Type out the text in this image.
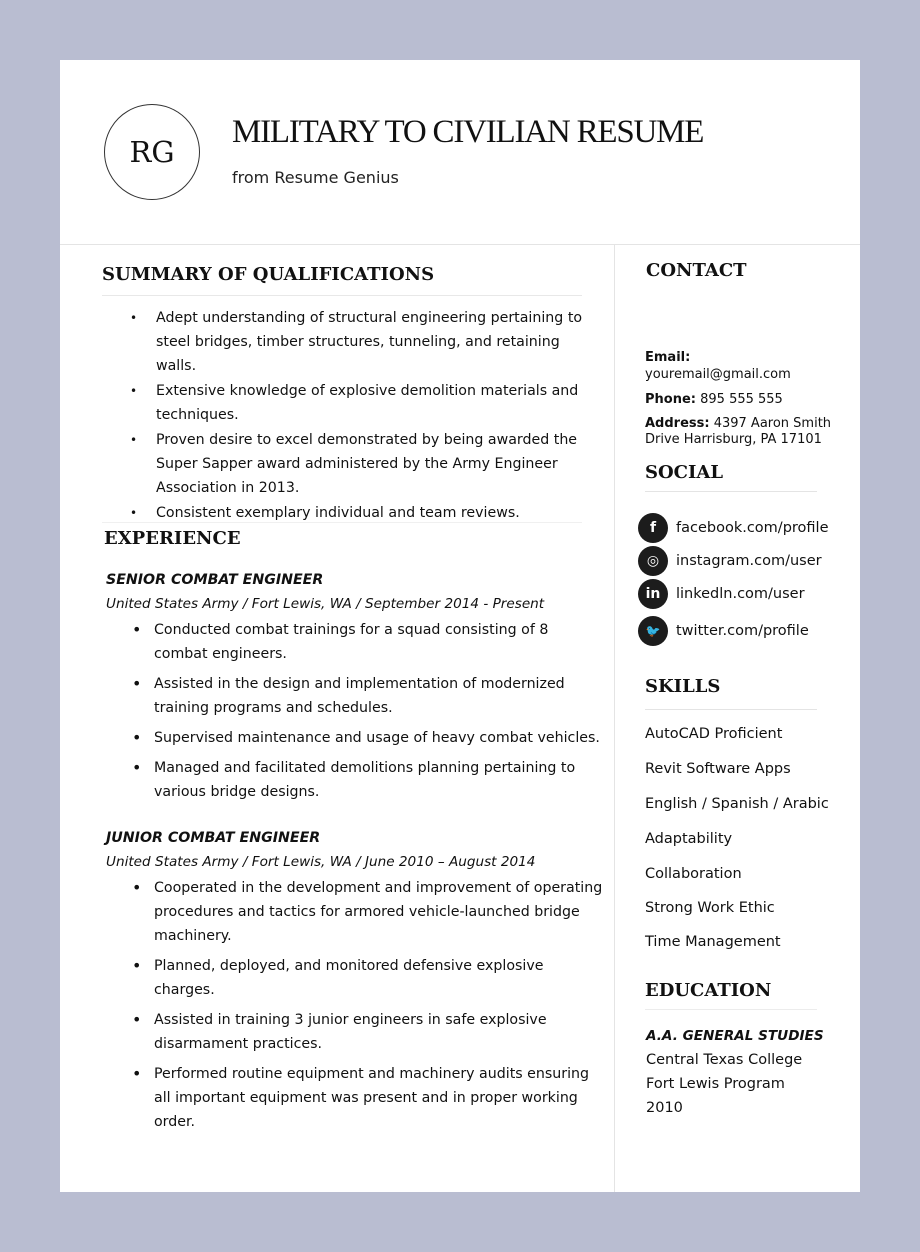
RG
MILITARY TO CIVILIAN RESUME
from Resume Genius
SUMMARY OF QUALIFICATIONS
• Adept understanding of structural engineering pertaining to steel bridges, timber structures, tunneling, and retaining walls.
• Extensive knowledge of explosive demolition materials and techniques.
• Proven desire to excel demonstrated by being awarded the Super Sapper award administered by the Army Engineer Association in 2013.
• Consistent exemplary individual and team reviews.
EXPERIENCE
SENIOR COMBAT ENGINEER
United States Army / Fort Lewis, WA / September 2014 - Present
• Conducted combat trainings for a squad consisting of 8 combat engineers.
• Assisted in the design and implementation of modernized training programs and schedules.
• Supervised maintenance and usage of heavy combat vehicles.
• Managed and facilitated demolitions planning pertaining to various bridge designs.
JUNIOR COMBAT ENGINEER
United States Army / Fort Lewis, WA / June 2010 – August 2014
• Cooperated in the development and improvement of operating procedures and tactics for armored vehicle-launched bridge machinery.
• Planned, deployed, and monitored defensive explosive charges.
• Assisted in training 3 junior engineers in safe explosive disarmament practices.
• Performed routine equipment and machinery audits ensuring all important equipment was present and in proper working order.
CONTACT
Email:
youremail@gmail.com
Phone: 895 555 555
Address: 4397 Aaron Smith
Drive Harrisburg, PA 17101
SOCIAL
f	facebook.com/profile
◎	instagram.com/user
in	linkedln.com/user
🐦	twitter.com/profile
SKILLS
AutoCAD Proficient
Revit Software Apps
English / Spanish / Arabic
Adaptability
Collaboration
Strong Work Ethic
Time Management
EDUCATION
A.A. GENERAL STUDIES
Central Texas College
Fort Lewis Program
2010
